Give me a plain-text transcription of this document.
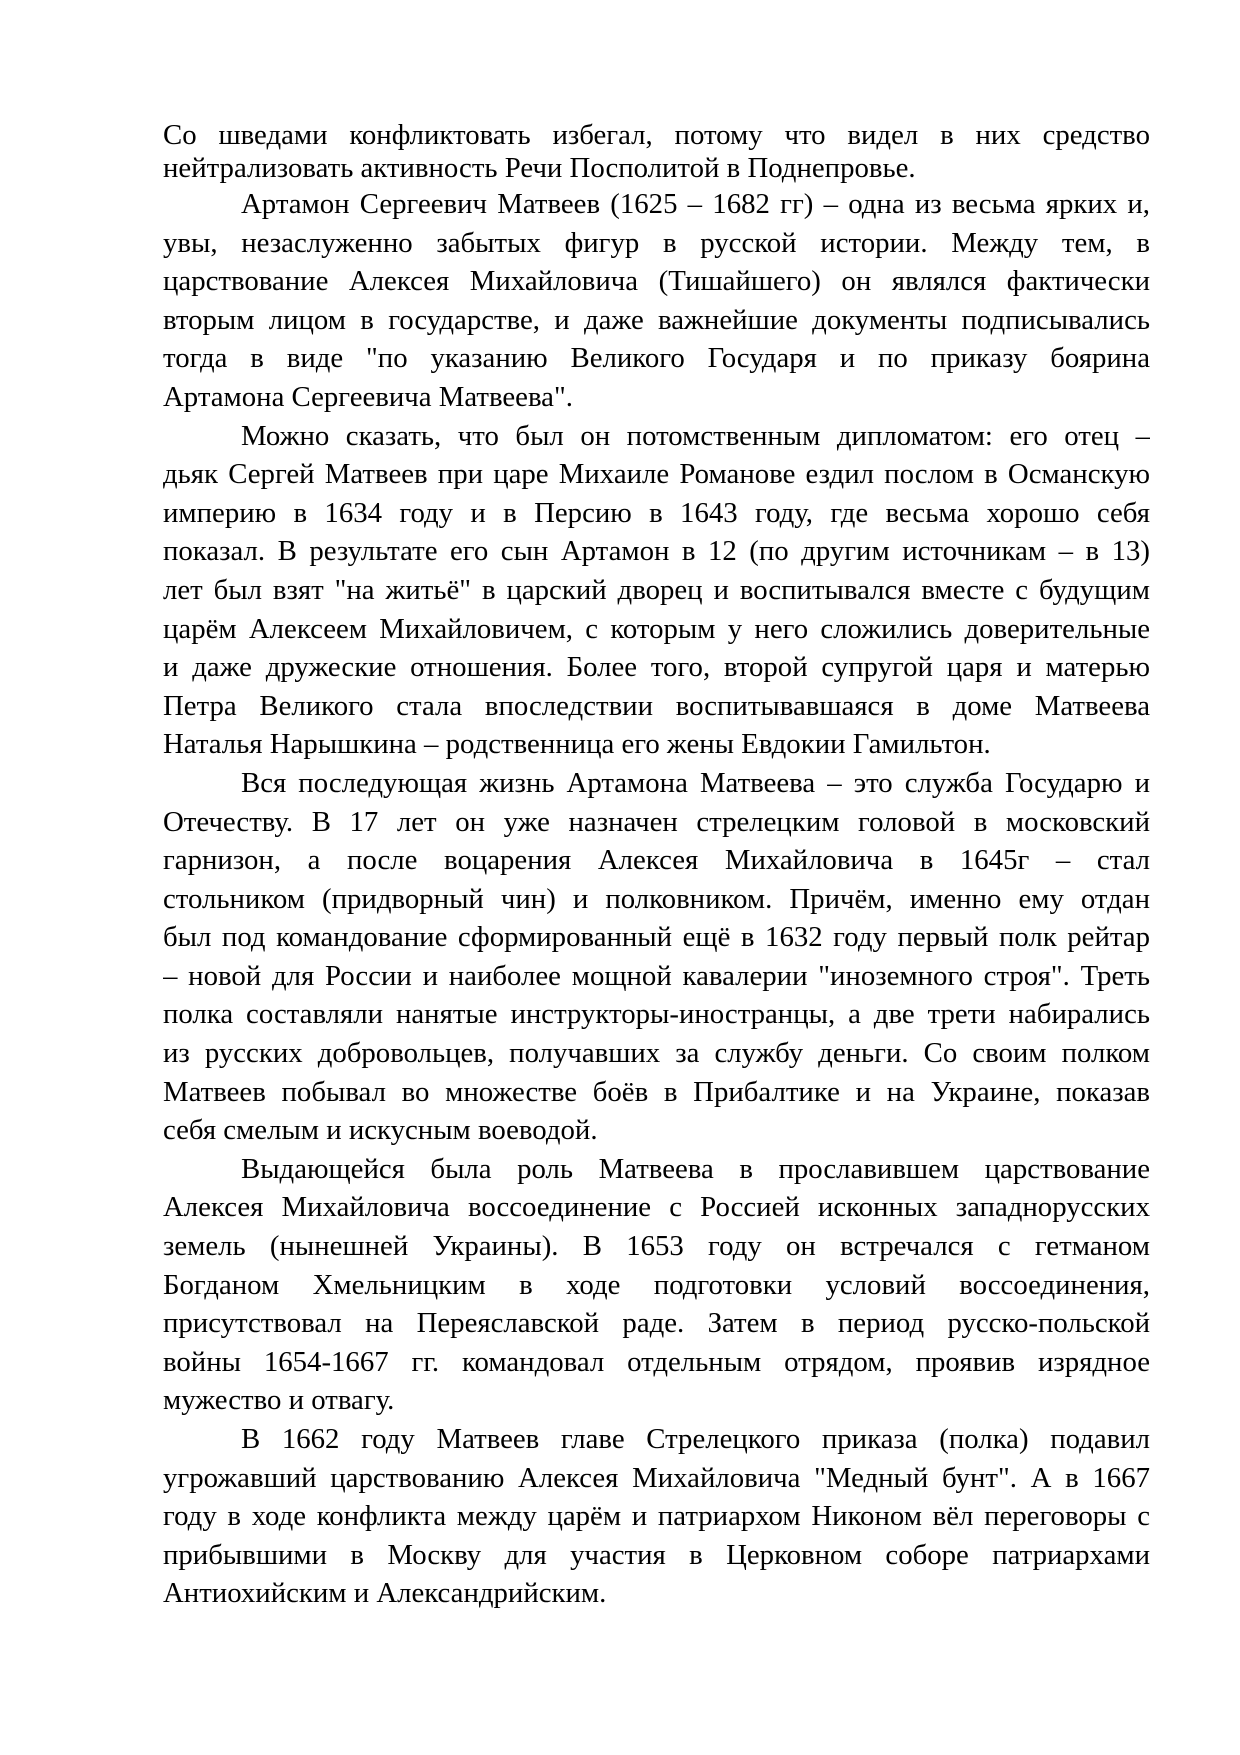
Со шведами конфликтовать избегал, потому что видел в них средство
нейтрализовать активность Речи Посполитой в Поднепровье.
Артамон Сергеевич Матвеев (1625 – 1682 гг) – одна из весьма ярких и,
увы, незаслуженно забытых фигур в русской истории. Между тем, в
царствование Алексея Михайловича (Тишайшего) он являлся фактически
вторым лицом в государстве, и даже важнейшие документы подписывались
тогда в виде "по указанию Великого Государя и по приказу боярина
Артамона Сергеевича Матвеева".
Можно сказать, что был он потомственным дипломатом: его отец –
дьяк Сергей Матвеев при царе Михаиле Романове ездил послом в Османскую
империю в 1634 году и в Персию в 1643 году, где весьма хорошо себя
показал. В результате его сын Артамон в 12 (по другим источникам – в 13)
лет был взят "на житьё" в царский дворец и воспитывался вместе с будущим
царём Алексеем Михайловичем, с которым у него сложились доверительные
и даже дружеские отношения. Более того, второй супругой царя и матерью
Петра Великого стала впоследствии воспитывавшаяся в доме Матвеева
Наталья Нарышкина – родственница его жены Евдокии Гамильтон.
Вся последующая жизнь Артамона Матвеева – это служба Государю и
Отечеству. В 17 лет он уже назначен стрелецким головой в московский
гарнизон, а после воцарения Алексея Михайловича в 1645г – стал
стольником (придворный чин) и полковником. Причём, именно ему отдан
был под командование сформированный ещё в 1632 году первый полк рейтар
– новой для России и наиболее мощной кавалерии "иноземного строя". Треть
полка составляли нанятые инструкторы-иностранцы, а две трети набирались
из русских добровольцев, получавших за службу деньги. Со своим полком
Матвеев побывал во множестве боёв в Прибалтике и на Украине, показав
себя смелым и искусным воеводой.
Выдающейся была роль Матвеева в прославившем царствование
Алексея Михайловича воссоединение с Россией исконных западнорусских
земель (нынешней Украины). В 1653 году он встречался с гетманом
Богданом Хмельницким в ходе подготовки условий воссоединения,
присутствовал на Переяславской раде. Затем в период русско-польской
войны 1654-1667 гг. командовал отдельным отрядом, проявив изрядное
мужество и отвагу.
В 1662 году Матвеев главе Стрелецкого приказа (полка) подавил
угрожавший царствованию Алексея Михайловича "Медный бунт". А в 1667
году в ходе конфликта между царём и патриархом Никоном вёл переговоры с
прибывшими в Москву для участия в Церковном соборе патриархами
Антиохийским и Александрийским.
